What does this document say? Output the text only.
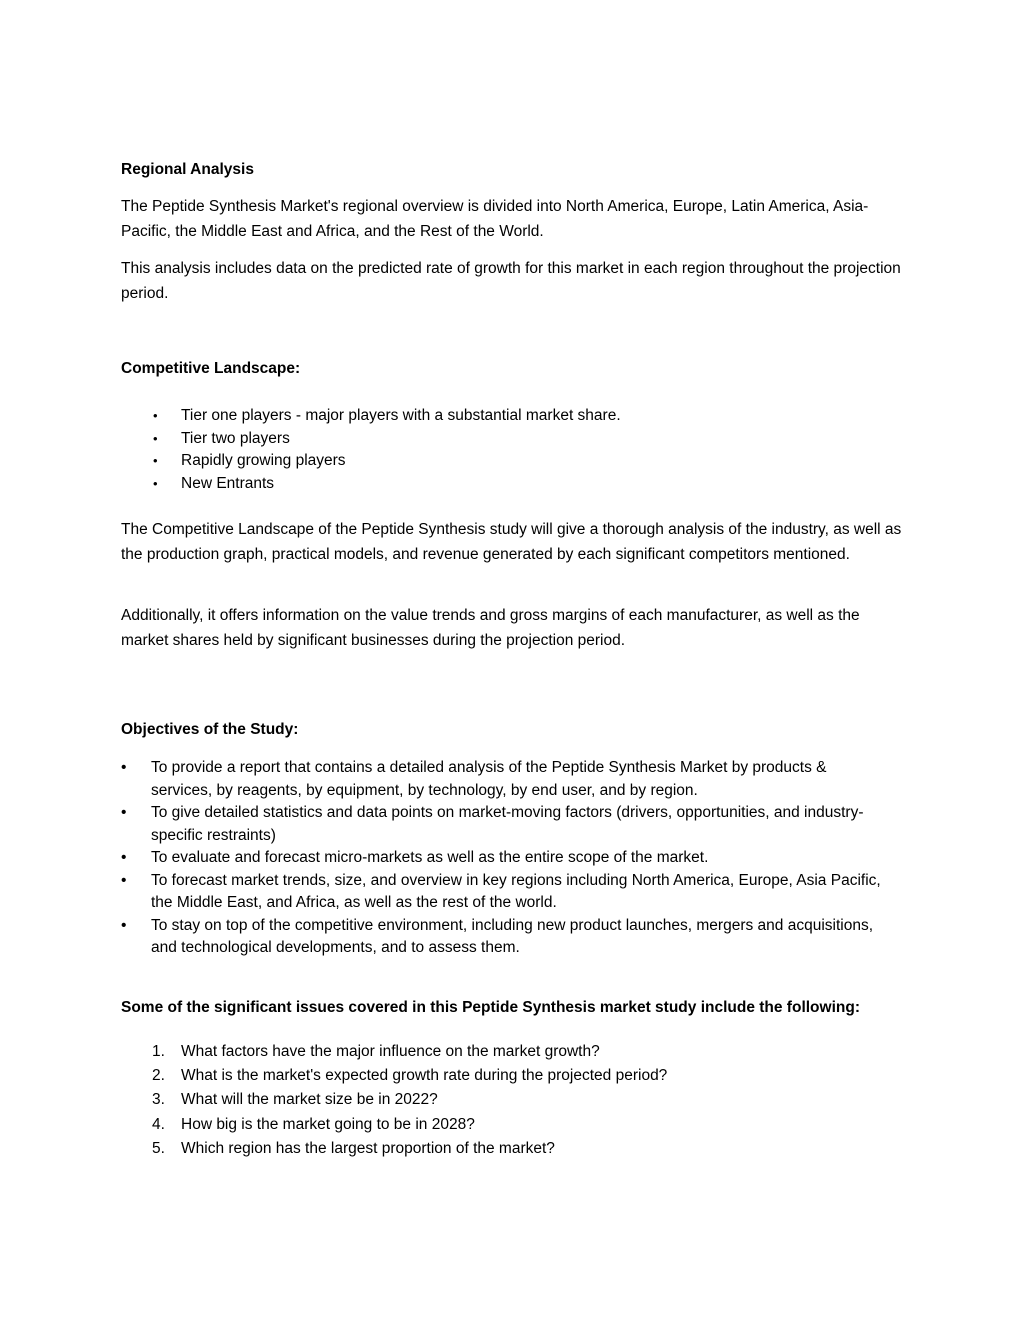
Regional Analysis

The Peptide Synthesis Market's regional overview is divided into North America, Europe, Latin America, Asia-Pacific, the Middle East and Africa, and the Rest of the World.

This analysis includes data on the predicted rate of growth for this market in each region throughout the projection period.

Competitive Landscape:
• Tier one players - major players with a substantial market share.
• Tier two players
• Rapidly growing players
• New Entrants

The Competitive Landscape of the Peptide Synthesis study will give a thorough analysis of the industry, as well as the production graph, practical models, and revenue generated by each significant competitors mentioned.

Additionally, it offers information on the value trends and gross margins of each manufacturer, as well as the market shares held by significant businesses during the projection period.

Objectives of the Study:
• To provide a report that contains a detailed analysis of the Peptide Synthesis Market by products & services, by reagents, by equipment, by technology, by end user, and by region.
• To give detailed statistics and data points on market-moving factors (drivers, opportunities, and industry-specific restraints)
• To evaluate and forecast micro-markets as well as the entire scope of the market.
• To forecast market trends, size, and overview in key regions including North America, Europe, Asia Pacific, the Middle East, and Africa, as well as the rest of the world.
• To stay on top of the competitive environment, including new product launches, mergers and acquisitions, and technological developments, and to assess them.
Some of the significant issues covered in this Peptide Synthesis market study include the following:
1. What factors have the major influence on the market growth?
2. What is the market's expected growth rate during the projected period?
3. What will the market size be in 2022?
4. How big is the market going to be in 2028?
5. Which region has the largest proportion of the market?
